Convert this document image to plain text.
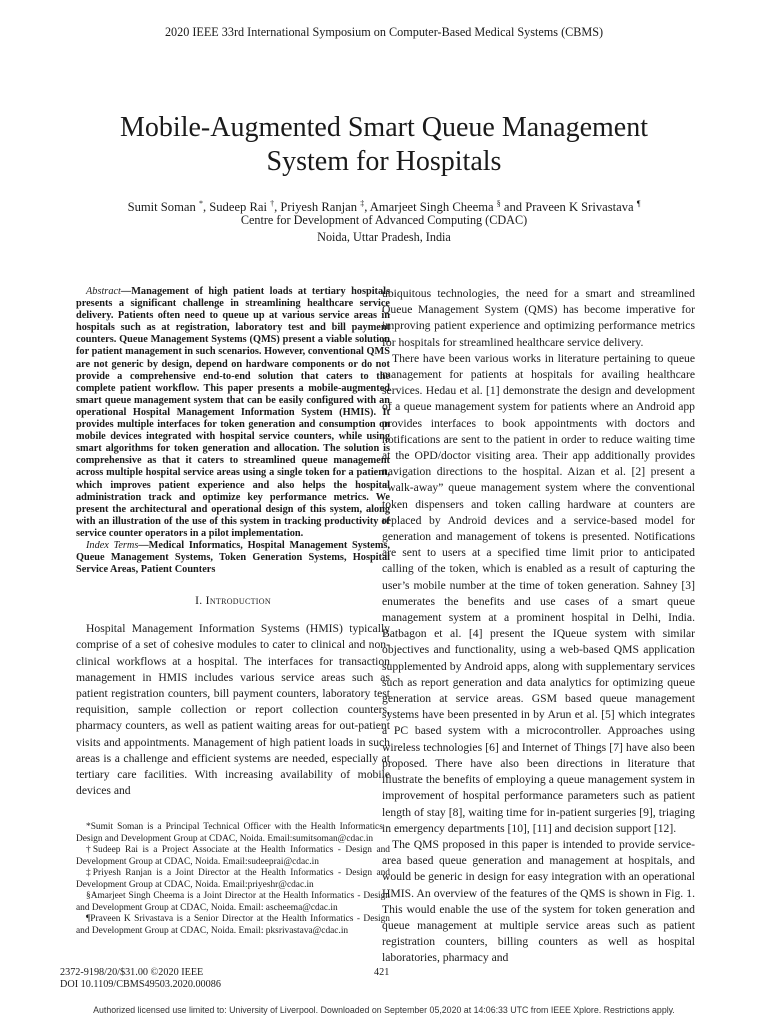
2020 IEEE 33rd International Symposium on Computer-Based Medical Systems (CBMS)
Mobile-Augmented Smart Queue Management
System for Hospitals
Sumit Soman *, Sudeep Rai †, Priyesh Ranjan ‡, Amarjeet Singh Cheema § and Praveen K Srivastava ¶
Centre for Development of Advanced Computing (CDAC)
Noida, Uttar Pradesh, India

Abstract—Management of high patient loads at tertiary hospitals presents a significant challenge in streamlining healthcare service delivery. Patients often need to queue up at various service areas in hospitals such as at registration, laboratory test and bill payment counters. Queue Management Systems (QMS) present a viable solution for patient management in such scenarios. However, conventional QMS are not generic by design, depend on hardware components or do not provide a comprehensive end-to-end solution that caters to the complete patient workflow. This paper presents a mobile-augmented smart queue management system that can be easily configured with an operational Hospital Management Information System (HMIS). It provides multiple interfaces for token generation and consumption on mobile devices integrated with hospital service counters, while using smart algorithms for token generation and allocation. The solution is comprehensive as that it caters to streamlined queue management across multiple hospital service areas using a single token for a patient, which improves patient experience and also helps the hospital administration track and optimize key performance metrics. We present the architectural and operational design of this system, along with an illustration of the use of this system in tracking productivity of service counter operators in a pilot implementation.

Index Terms—Medical Informatics, Hospital Management Systems, Queue Management Systems, Token Generation Systems, Hospital Service Areas, Patient Counters

I. Introduction

Hospital Management Information Systems (HMIS) typically comprise of a set of cohesive modules to cater to clinical and non-clinical workflows at a hospital. The interfaces for transaction management in HMIS includes various service areas such as patient registration counters, bill payment counters, laboratory test requisition, sample collection or report collection counters, pharmacy counters, as well as patient waiting areas for out-patient visits and appointments. Management of high patient loads in such areas is a challenge and efficient systems are needed, especially at tertiary care facilities. With increasing availability of mobile devices and

*Sumit Soman is a Principal Technical Officer with the Health Informatics - Design and Development Group at CDAC, Noida. Email:sumitsoman@cdac.in

†Sudeep Rai is a Project Associate at the Health Informatics - Design and Development Group at CDAC, Noida. Email:sudeeprai@cdac.in

‡Priyesh Ranjan is a Joint Director at the Health Informatics - Design and Development Group at CDAC, Noida. Email:priyeshr@cdac.in

§Amarjeet Singh Cheema is a Joint Director at the Health Informatics - Design and Development Group at CDAC, Noida. Email: ascheema@cdac.in

¶Praveen K Srivastava is a Senior Director at the Health Informatics - Design and Development Group at CDAC, Noida. Email: pksrivastava@cdac.in

ubiquitous technologies, the need for a smart and streamlined Queue Management System (QMS) has become imperative for improving patient experience and optimizing performance metrics for hospitals for streamlined healthcare service delivery.

There have been various works in literature pertaining to queue management for patients at hospitals for availing healthcare services. Hedau et al. [1] demonstrate the design and development of a queue management system for patients where an Android app provides interfaces to book appointments with doctors and notifications are sent to the patient in order to reduce waiting time at the OPD/doctor visiting area. Their app additionally provides navigation directions to the hospital. Aizan et al. [2] present a “walk-away” queue management system where the conventional token dispensers and token calling hardware at counters are replaced by Android devices and a service-based model for generation and management of tokens is presented. Notifications are sent to users at a specified time limit prior to anticipated calling of the token, which is enabled as a result of capturing the user’s mobile number at the time of token generation. Sahney [3] enumerates the benefits and use cases of a smart queue management system at a prominent hospital in Delhi, India. Batbagon et al. [4] present the IQueue system with similar objectives and functionality, using a web-based QMS application supplemented by Android apps, along with supplementary services such as report generation and data analytics for optimizing queue generation at service areas. GSM based queue management systems have been presented in by Arun et al. [5] which integrates a PC based system with a microcontroller. Approaches using wireless technologies [6] and Internet of Things [7] have also been proposed. There have also been directions in literature that illustrate the benefits of employing a queue management system in improvement of hospital performance parameters such as patient length of stay [8], waiting time for in-patient surgeries [9], triaging in emergency departments [10], [11] and decision support [12].

The QMS proposed in this paper is intended to provide service-area based queue generation and management at hospitals, and would be generic in design for easy integration with an operational HMIS. An overview of the features of the QMS is shown in Fig. 1. This would enable the use of the system for token generation and queue management at multiple service areas such as patient registration counters, billing counters as well as hospital laboratories, pharmacy and

2372-9198/20/$31.00 ©2020 IEEE
DOI 10.1109/CBMS49503.2020.00086
421
Authorized licensed use limited to: University of Liverpool. Downloaded on September 05,2020 at 14:06:33 UTC from IEEE Xplore. Restrictions apply.
